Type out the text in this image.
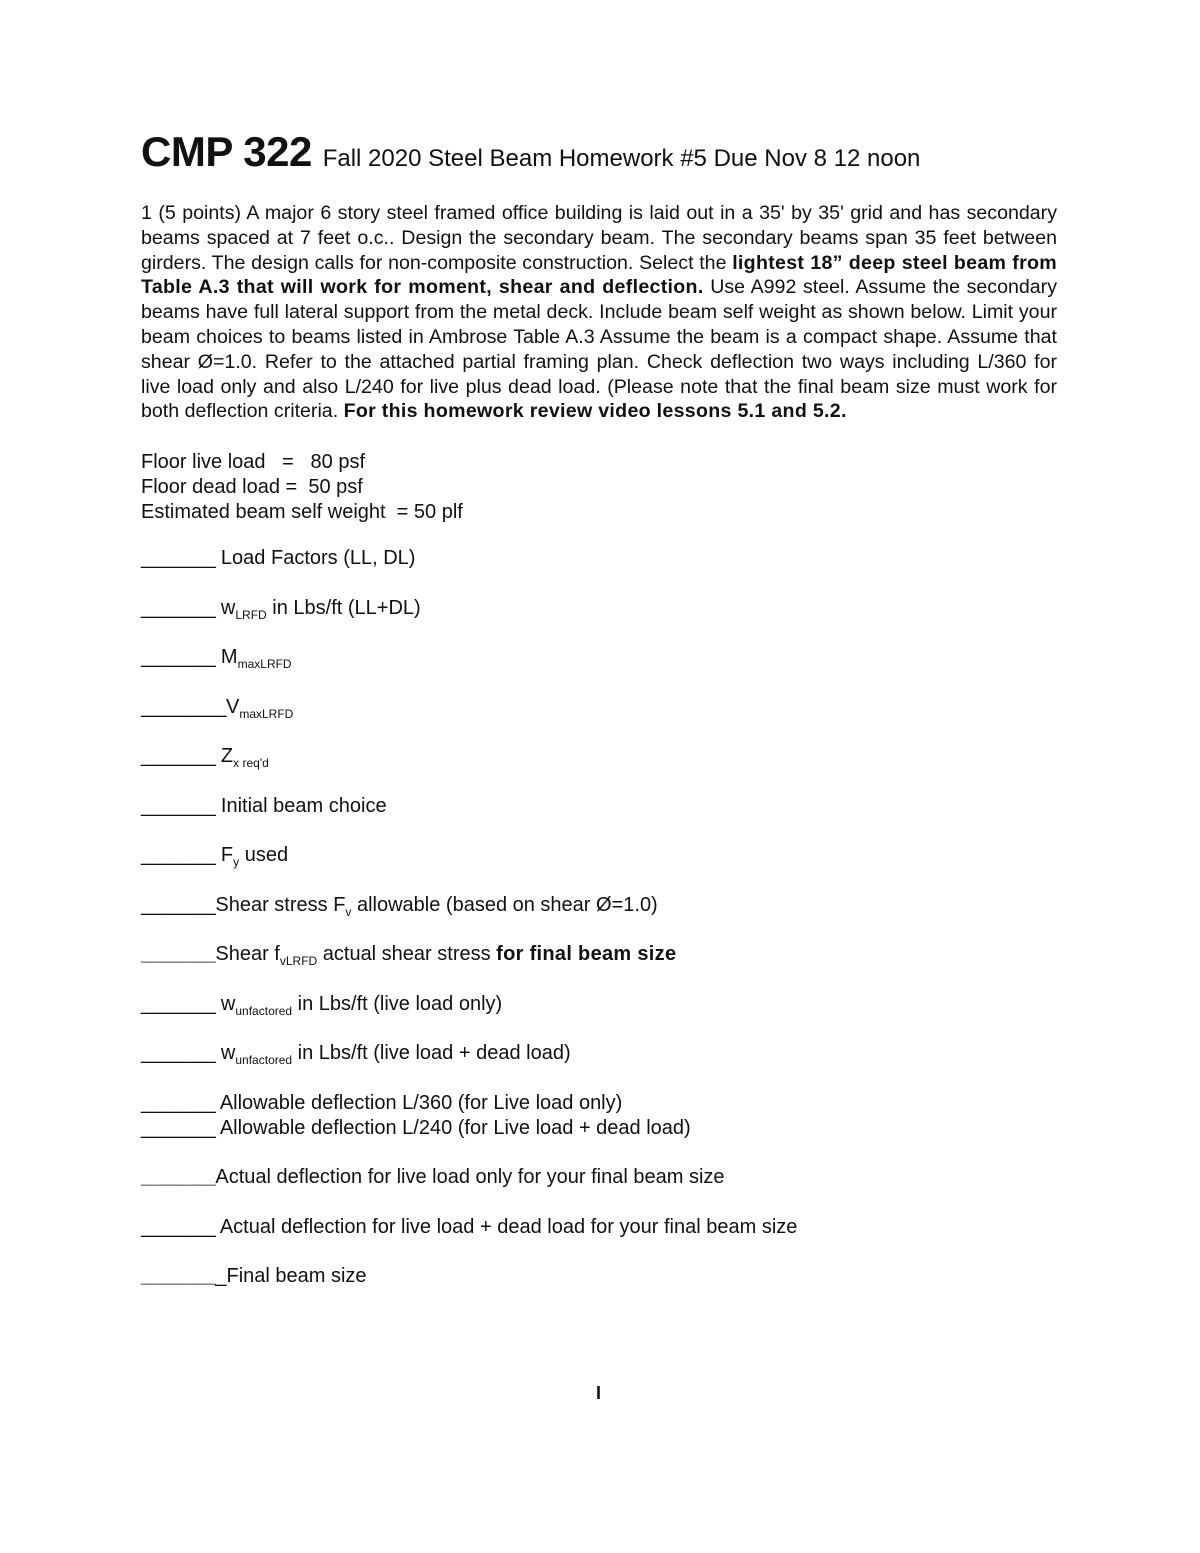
CMP 322 Fall 2020 Steel Beam Homework #5 Due Nov 8 12 noon

1 (5 points) A major 6 story steel framed office building is laid out in a 35' by 35' grid and has secondary beams spaced at 7 feet o.c.. Design the secondary beam. The secondary beams span 35 feet between girders. The design calls for non-composite construction. Select the lightest 18” deep steel beam from Table A.3 that will work for moment, shear and deflection. Use A992 steel. Assume the secondary beams have full lateral support from the metal deck. Include beam self weight as shown below. Limit your beam choices to beams listed in Ambrose Table A.3 Assume the beam is a compact shape. Assume that shear Ø=1.0. Refer to the attached partial framing plan. Check deflection two ways including L/360 for live load only and also L/240 for live plus dead load. (Please note that the final beam size must work for both deflection criteria. For this homework review video lessons 5.1 and 5.2.

Floor live load   =   80 psf
Floor dead load =  50 psf
Estimated beam self weight  = 50 plf
_______ Load Factors (LL, DL)
_______ $w_{LRFD}$ in Lbs/ft (LL+DL)
_______ $M_{maxLRFD}$
$\_\_\_\_\_\_\_\_V_{maxLRFD}$
_______ $Z_{x req'd}$
_______ Initial beam choice
_______ $F_y$ used
_______Shear stress $F_v$ allowable (based on shear Ø=1.0)
_______Shear $f_{vLRFD}$ actual shear stress for final beam size
_______ $w_{unfactored}$ in Lbs/ft (live load only)
_______ $w_{unfactored}$ in Lbs/ft (live load + dead load)
_______ Allowable deflection L/360 (for Live load only)
_______ Allowable deflection L/240 (for Live load + dead load)
_______Actual deflection for live load only for your final beam size
_______ Actual deflection for live load + dead load for your final beam size
________Final beam size
I
